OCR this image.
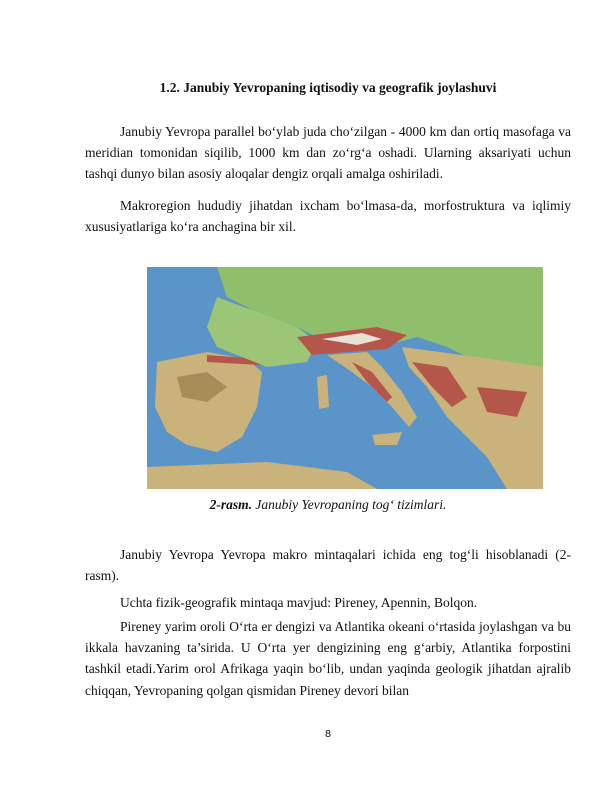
1.2. Janubiy Yevropaning iqtisodiy va geografik joylashuvi

Janubiy Yevropa parallel bo‘ylab juda cho‘zilgan - 4000 km dan ortiq masofaga va meridian tomonidan siqilib, 1000 km dan zo‘rg‘a oshadi. Ularning aksariyati uchun tashqi dunyo bilan asosiy aloqalar dengiz orqali amalga oshiriladi.

Makroregion hududiy jihatdan ixcham bo‘lmasa-da, morfostruktura va iqlimiy xususiyatlariga ko‘ra anchagina bir xil.

2-rasm. Janubiy Yevropaning tog‘ tizimlari.

Janubiy Yevropa Yevropa makro mintaqalari ichida eng tog‘li hisoblanadi (2-rasm).

Uchta fizik-geografik mintaqa mavjud: Pireney, Apennin, Bolqon.

Pireney yarim oroli O‘rta er dengizi va Atlantika okeani o‘rtasida joylashgan va bu ikkala havzaning ta’sirida. U O‘rta yer dengizining eng g‘arbiy, Atlantika forpostini tashkil etadi.Yarim orol Afrikaga yaqin bo‘lib, undan yaqinda geologik jihatdan ajralib chiqqan, Yevropaning qolgan qismidan Pireney devori bilan

8
